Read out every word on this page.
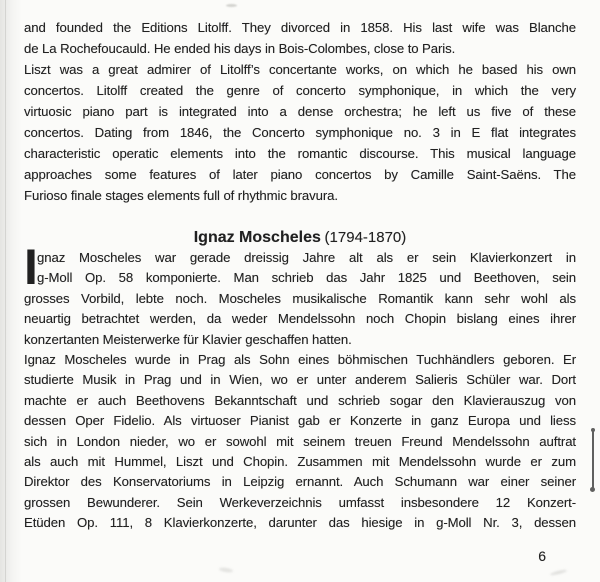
and founded the Editions Litolff. They divorced in 1858. His last wife was Blanche
de La Rochefoucauld. He ended his days in Bois-Colombes, close to Paris.
Liszt was a great admirer of Litolff’s concertante works, on which he based his own
concertos. Litolff created the genre of concerto symphonique, in which the very
virtuosic piano part is integrated into a dense orchestra; he left us five of these
concertos. Dating from 1846, the Concerto symphonique no. 3 in E flat integrates
characteristic operatic elements into the romantic discourse. This musical language
approaches some features of later piano concertos by Camille Saint-Saëns. The
Furioso finale stages elements full of rhythmic bravura.
Ignaz Moscheles (1794-1870)
I gnaz Moscheles war gerade dreissig Jahre alt als er sein Klavierkonzert in
g-Moll Op. 58 komponierte. Man schrieb das Jahr 1825 und Beethoven, sein
grosses Vorbild, lebte noch. Moscheles musikalische Romantik kann sehr wohl als
neuartig betrachtet werden, da weder Mendelssohn noch Chopin bislang eines ihrer
konzertanten Meisterwerke für Klavier geschaffen hatten.
Ignaz Moscheles wurde in Prag als Sohn eines böhmischen Tuchhändlers geboren. Er
studierte Musik in Prag und in Wien, wo er unter anderem Salieris Schüler war. Dort
machte er auch Beethovens Bekanntschaft und schrieb sogar den Klavierauszug von
dessen Oper Fidelio. Als virtuoser Pianist gab er Konzerte in ganz Europa und liess
sich in London nieder, wo er sowohl mit seinem treuen Freund Mendelssohn auftrat
als auch mit Hummel, Liszt und Chopin. Zusammen mit Mendelssohn wurde er zum
Direktor des Konservatoriums in Leipzig ernannt. Auch Schumann war einer seiner
grossen Bewunderer. Sein Werkeverzeichnis umfasst insbesondere 12 Konzert-
Etüden Op. 111, 8 Klavierkonzerte, darunter das hiesige in g-Moll Nr. 3, dessen
6
